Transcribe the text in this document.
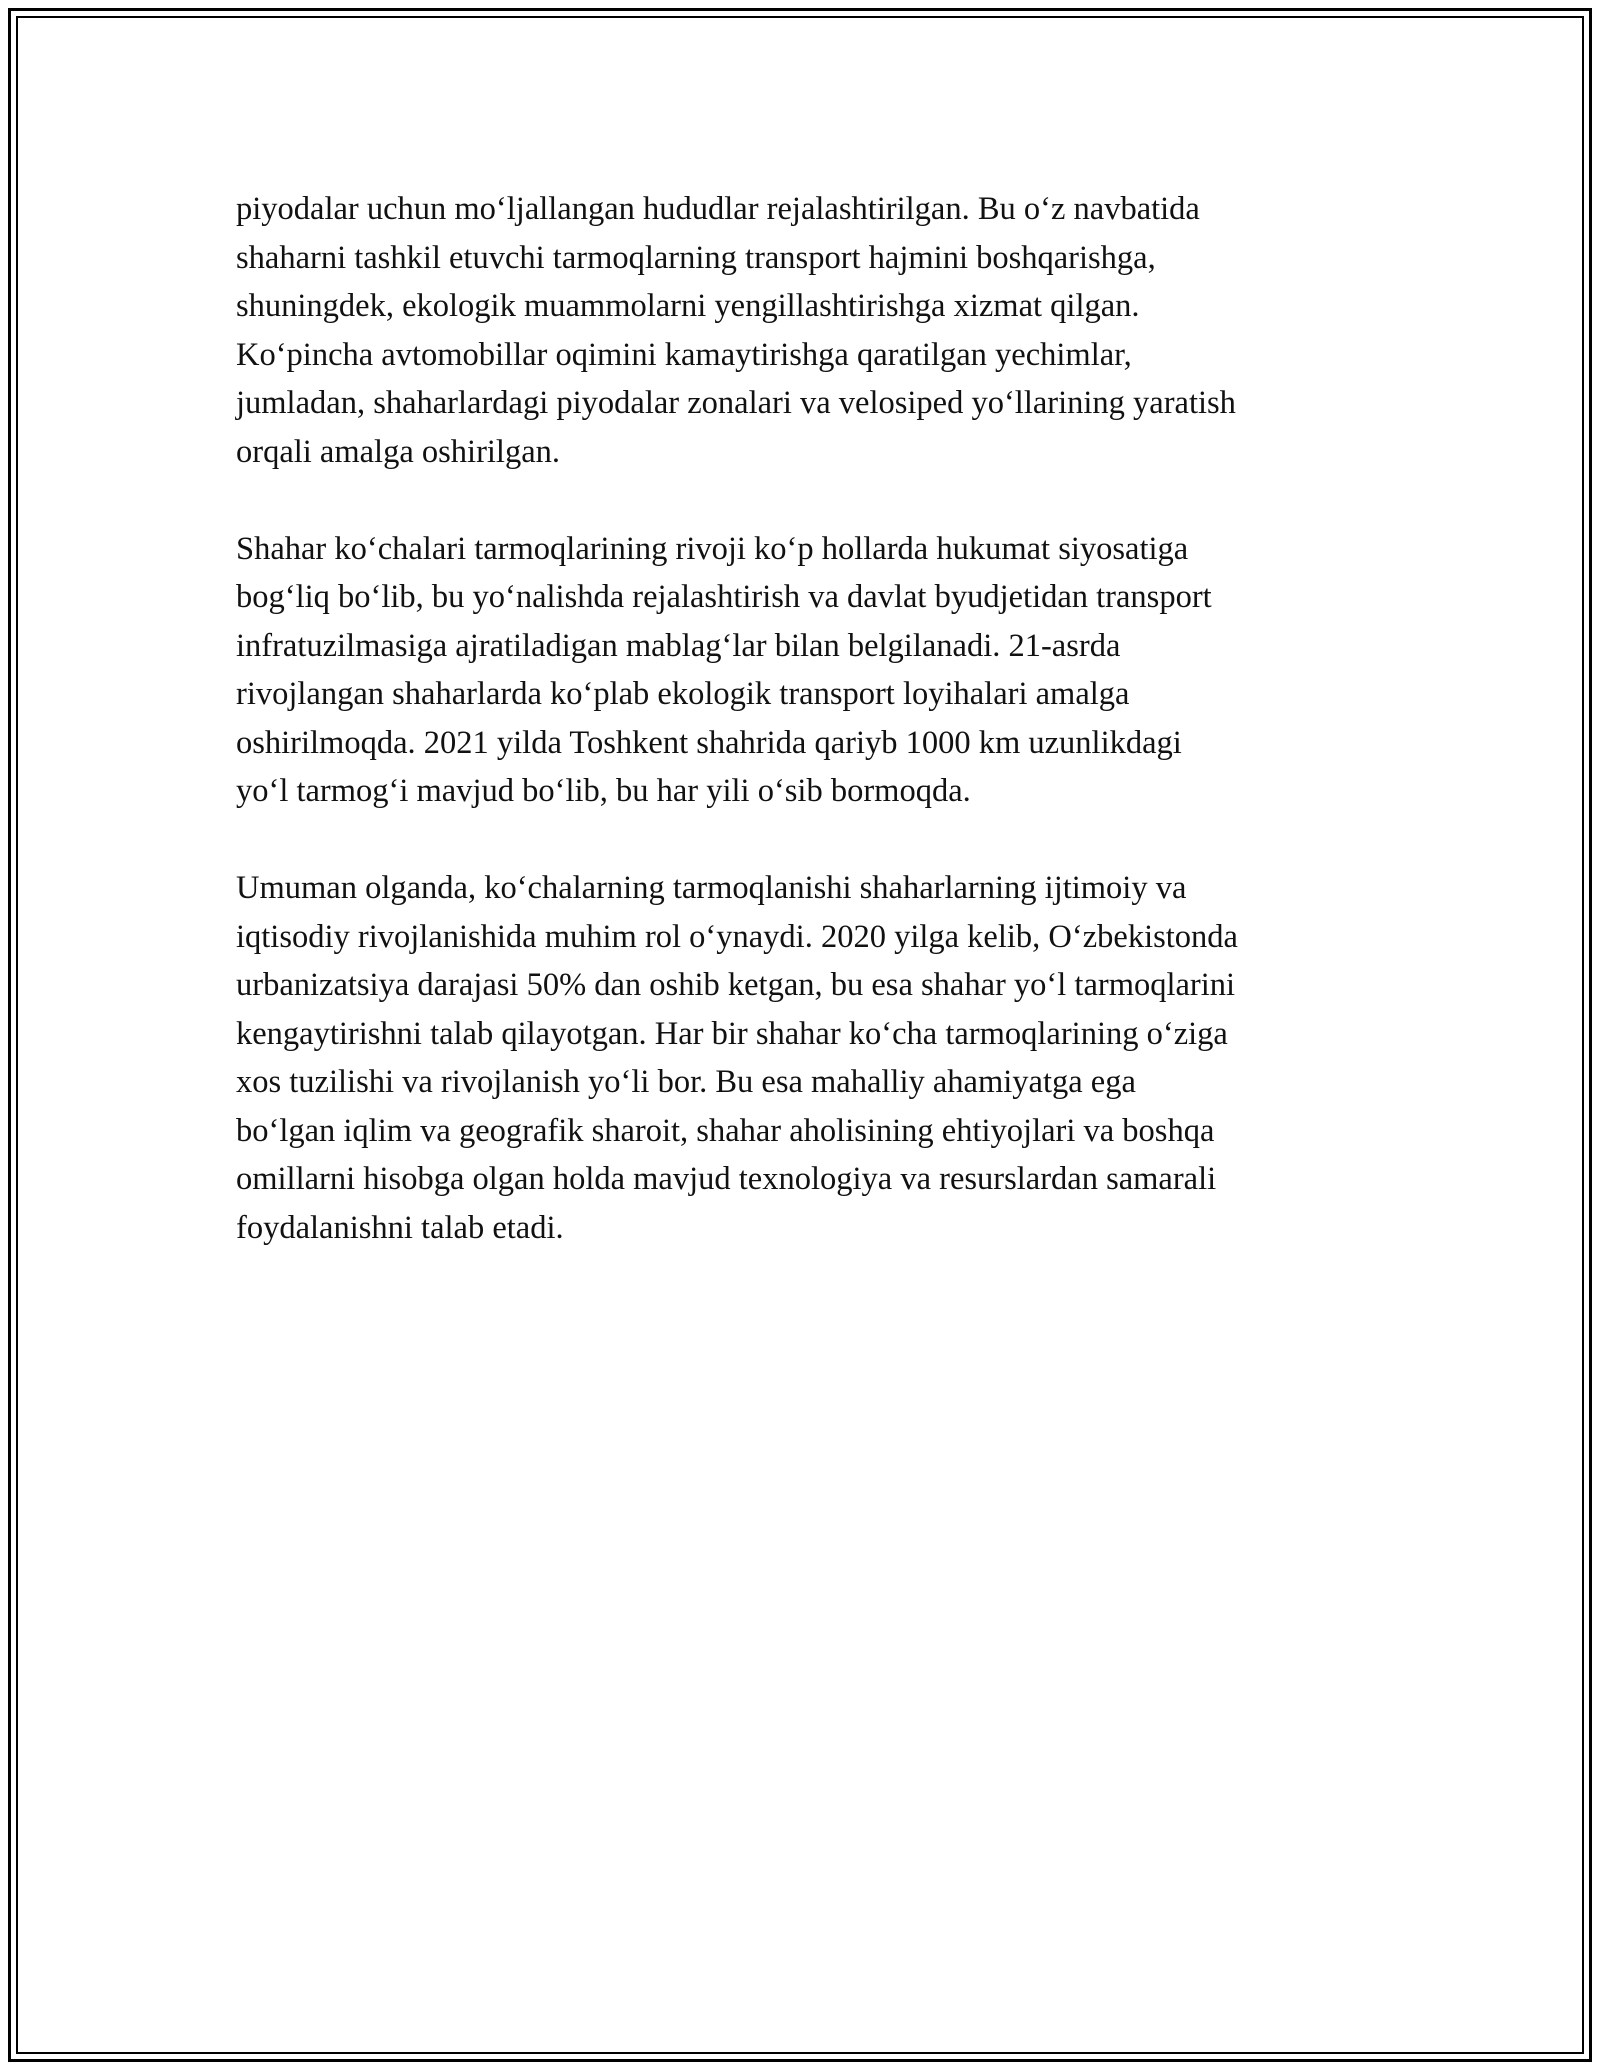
piyodalar uchun mo‘ljallangan hududlar rejalashtirilgan. Bu o‘z navbatida
shaharni tashkil etuvchi tarmoqlarning transport hajmini boshqarishga,
shuningdek, ekologik muammolarni yengillashtirishga xizmat qilgan.
Ko‘pincha avtomobillar oqimini kamaytirishga qaratilgan yechimlar,
jumladan, shaharlardagi piyodalar zonalari va velosiped yo‘llarining yaratish
orqali amalga oshirilgan.

Shahar ko‘chalari tarmoqlarining rivoji ko‘p hollarda hukumat siyosatiga
bog‘liq bo‘lib, bu yo‘nalishda rejalashtirish va davlat byudjetidan transport
infratuzilmasiga ajratiladigan mablag‘lar bilan belgilanadi. 21-asrda
rivojlangan shaharlarda ko‘plab ekologik transport loyihalari amalga
oshirilmoqda. 2021 yilda Toshkent shahrida qariyb 1000 km uzunlikdagi
yo‘l tarmog‘i mavjud bo‘lib, bu har yili o‘sib bormoqda.

Umuman olganda, ko‘chalarning tarmoqlanishi shaharlarning ijtimoiy va
iqtisodiy rivojlanishida muhim rol o‘ynaydi. 2020 yilga kelib, O‘zbekistonda
urbanizatsiya darajasi 50% dan oshib ketgan, bu esa shahar yo‘l tarmoqlarini
kengaytirishni talab qilayotgan. Har bir shahar ko‘cha tarmoqlarining o‘ziga
xos tuzilishi va rivojlanish yo‘li bor. Bu esa mahalliy ahamiyatga ega
bo‘lgan iqlim va geografik sharoit, shahar aholisining ehtiyojlari va boshqa
omillarni hisobga olgan holda mavjud texnologiya va resurslardan samarali
foydalanishni talab etadi.
